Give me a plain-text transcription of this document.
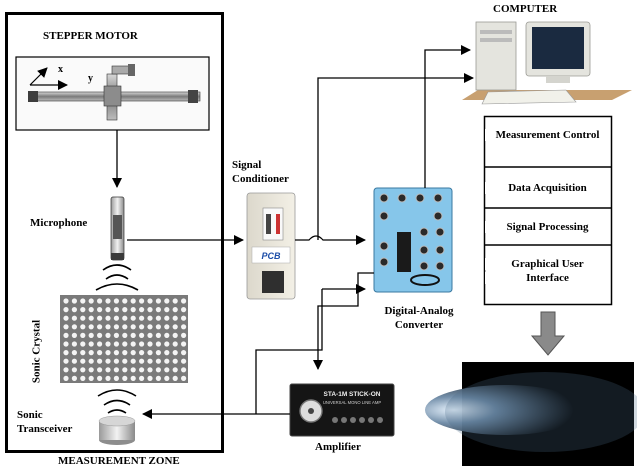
x
y
PCB
STA-1M STICK-ON
UNIVERSAL MONO LINE AMP
STEPPER MOTOR
Microphone
Sonic Crystal
Sonic
Transceiver
MEASUREMENT ZONE
Signal
Conditioner
Digital-Analog
Converter
Amplifier
COMPUTER
Measurement Control
Data Acquisition
Signal Processing
Graphical User
Interface
